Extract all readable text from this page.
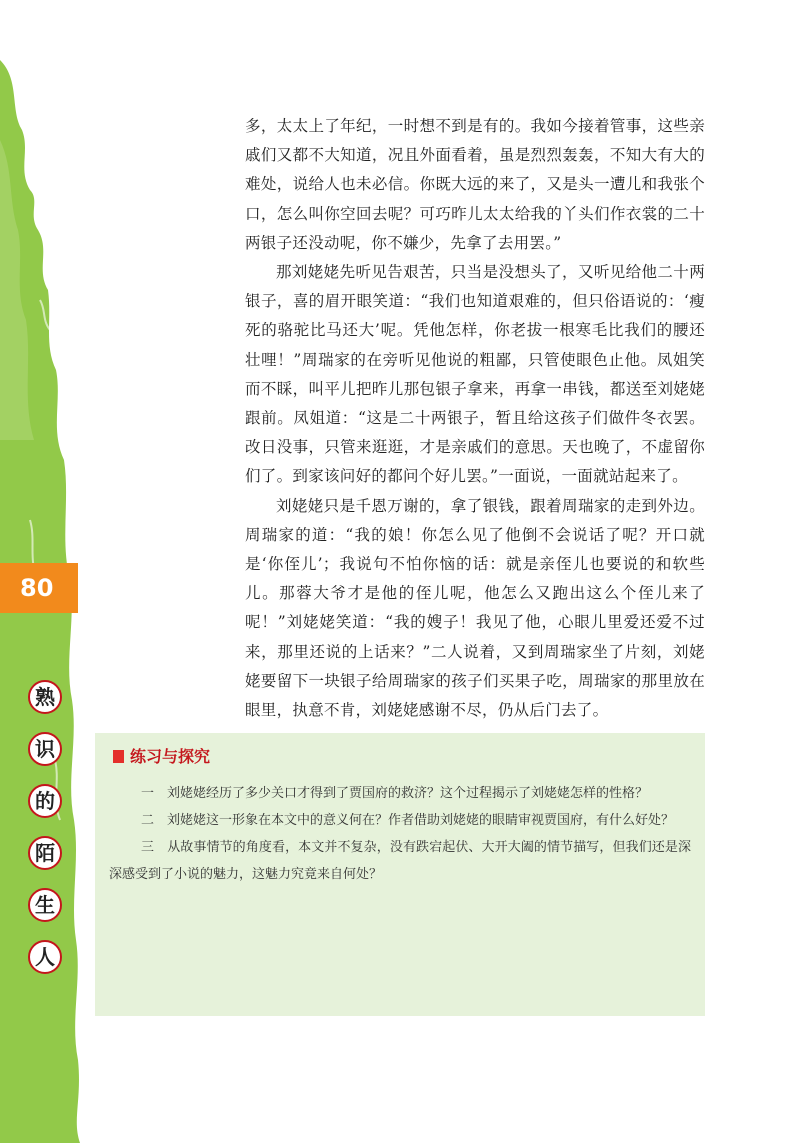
80
熟
识
的
陌
生
人

多，太太上了年纪，一时想不到是有的。我如今接着管事，这些亲戚们又都不大知道，况且外面看着，虽是烈烈轰轰，不知大有大的难处，说给人也未必信。你既大远的来了，又是头一遭儿和我张个口，怎么叫你空回去呢？可巧昨儿太太给我的丫头们作衣裳的二十两银子还没动呢，你不嫌少，先拿了去用罢。”

那刘姥姥先听见告艰苦，只当是没想头了，又听见给他二十两银子，喜的眉开眼笑道：“我们也知道艰难的，但只俗语说的：‘瘦死的骆驼比马还大’呢。凭他怎样，你老拔一根寒毛比我们的腰还壮哩！”周瑞家的在旁听见他说的粗鄙，只管使眼色止他。凤姐笑而不睬，叫平儿把昨儿那包银子拿来，再拿一串钱，都送至刘姥姥跟前。凤姐道：“这是二十两银子，暂且给这孩子们做件冬衣罢。改日没事，只管来逛逛，才是亲戚们的意思。天也晚了，不虚留你们了。到家该问好的都问个好儿罢。”一面说，一面就站起来了。

刘姥姥只是千恩万谢的，拿了银钱，跟着周瑞家的走到外边。周瑞家的道：“我的娘！你怎么见了他倒不会说话了呢？开口就是‘你侄儿’；我说句不怕你恼的话：就是亲侄儿也要说的和软些儿。那蓉大爷才是他的侄儿呢，他怎么又跑出这么个侄儿来了呢！”刘姥姥笑道：“我的嫂子！我见了他，心眼儿里爱还爱不过来，那里还说的上话来？”二人说着，又到周瑞家坐了片刻，刘姥姥要留下一块银子给周瑞家的孩子们买果子吃，周瑞家的那里放在眼里，执意不肯，刘姥姥感谢不尽，仍从后门去了。

练习与探究

一　刘姥姥经历了多少关口才得到了贾国府的救济？这个过程揭示了刘姥姥怎样的性格？

二　刘姥姥这一形象在本文中的意义何在？作者借助刘姥姥的眼睛审视贾国府，有什么好处？

三　从故事情节的角度看，本文并不复杂，没有跌宕起伏、大开大阖的情节描写，但我们还是深深感受到了小说的魅力，这魅力究竟来自何处？
